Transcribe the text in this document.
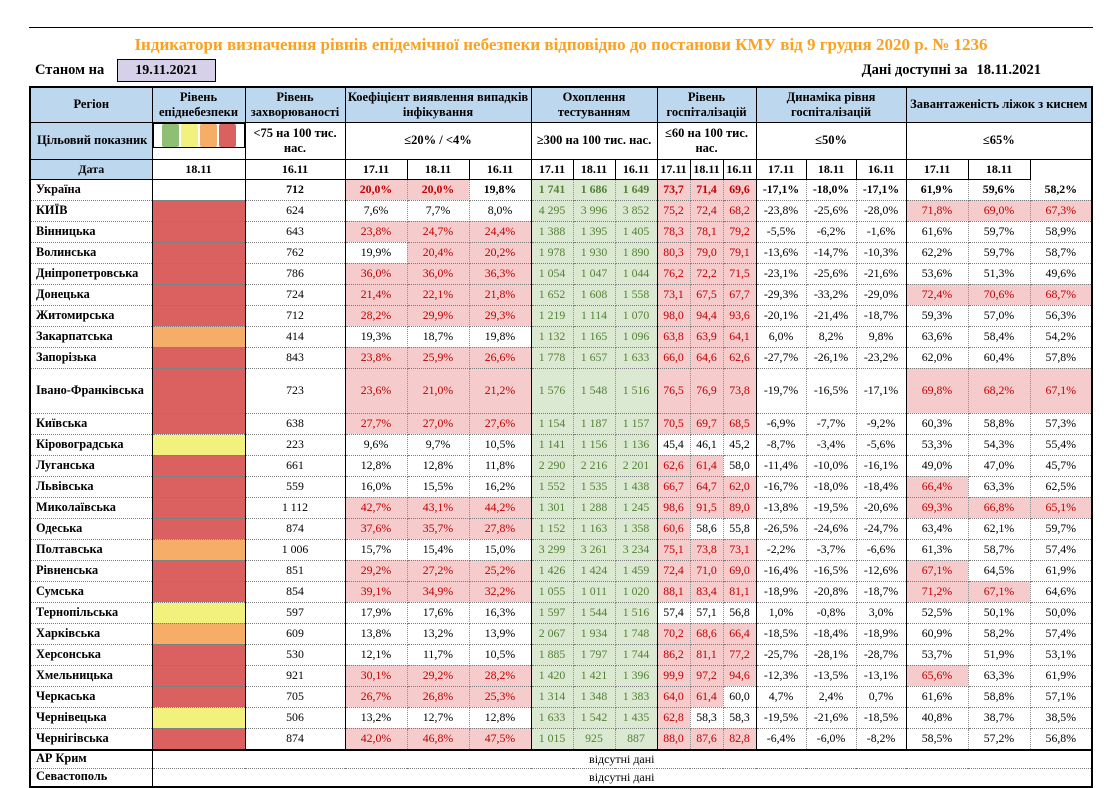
Індикатори визначення рівнів епідемічної небезпеки відповідно до постанови КМУ від 9 грудня 2020 р. № 1236
Станом на	19.11.2021	Дані доступні за 18.11.2021
Регіон	Рівень епіднебезпеки	Рівень захворюваності	Коефіцієнт виявлення випадків інфікування			Охоплення тестуванням			Рівень госпіталізацій			Динаміка рівня госпіталізацій			Завантаженість ліжок з киснем		
Цільовий показник	<75 на 100 тис. нас.	≤20% / <4%			≥300 на 100 тис. нас.			≤60 на 100 тис. нас.			≤50%			≤65%		
Дата	18.11	16.11	17.11	18.11	16.11	17.11	18.11	16.11	17.11	18.11	16.11	17.11	18.11	16.11	17.11	18.11	
Україна		712	20,0%	20,0%	19,8%	1 741	1 686	1 649	73,7	71,4	69,6	-17,1%	-18,0%	-17,1%	61,9%	59,6%	58,2%
КИЇВ		624	7,6%	7,7%	8,0%	4 295	3 996	3 852	75,2	72,4	68,2	-23,8%	-25,6%	-28,0%	71,8%	69,0%	67,3%
Вінницька		643	23,8%	24,7%	24,4%	1 388	1 395	1 405	78,3	78,1	79,2	-5,5%	-6,2%	-1,6%	61,6%	59,7%	58,9%
Волинська		762	19,9%	20,4%	20,2%	1 978	1 930	1 890	80,3	79,0	79,1	-13,6%	-14,7%	-10,3%	62,2%	59,7%	58,7%
Дніпропетровська		786	36,0%	36,0%	36,3%	1 054	1 047	1 044	76,2	72,2	71,5	-23,1%	-25,6%	-21,6%	53,6%	51,3%	49,6%
Донецька		724	21,4%	22,1%	21,8%	1 652	1 608	1 558	73,1	67,5	67,7	-29,3%	-33,2%	-29,0%	72,4%	70,6%	68,7%
Житомирська		712	28,2%	29,9%	29,3%	1 219	1 114	1 070	98,0	94,4	93,6	-20,1%	-21,4%	-18,7%	59,3%	57,0%	56,3%
Закарпатська		414	19,3%	18,7%	19,8%	1 132	1 165	1 096	63,8	63,9	64,1	6,0%	8,2%	9,8%	63,6%	58,4%	54,2%
Запорізька		843	23,8%	25,9%	26,6%	1 778	1 657	1 633	66,0	64,6	62,6	-27,7%	-26,1%	-23,2%	62,0%	60,4%	57,8%
Івано-Франківська		723	23,6%	21,0%	21,2%	1 576	1 548	1 516	76,5	76,9	73,8	-19,7%	-16,5%	-17,1%	69,8%	68,2%	67,1%
Київська		638	27,7%	27,0%	27,6%	1 154	1 187	1 157	70,5	69,7	68,5	-6,9%	-7,7%	-9,2%	60,3%	58,8%	57,3%
Кіровоградська		223	9,6%	9,7%	10,5%	1 141	1 156	1 136	45,4	46,1	45,2	-8,7%	-3,4%	-5,6%	53,3%	54,3%	55,4%
Луганська		661	12,8%	12,8%	11,8%	2 290	2 216	2 201	62,6	61,4	58,0	-11,4%	-10,0%	-16,1%	49,0%	47,0%	45,7%
Львівська		559	16,0%	15,5%	16,2%	1 552	1 535	1 438	66,7	64,7	62,0	-16,7%	-18,0%	-18,4%	66,4%	63,3%	62,5%
Миколаївська		1 112	42,7%	43,1%	44,2%	1 301	1 288	1 245	98,6	91,5	89,0	-13,8%	-19,5%	-20,6%	69,3%	66,8%	65,1%
Одеська		874	37,6%	35,7%	27,8%	1 152	1 163	1 358	60,6	58,6	55,8	-26,5%	-24,6%	-24,7%	63,4%	62,1%	59,7%
Полтавська		1 006	15,7%	15,4%	15,0%	3 299	3 261	3 234	75,1	73,8	73,1	-2,2%	-3,7%	-6,6%	61,3%	58,7%	57,4%
Рівненська		851	29,2%	27,2%	25,2%	1 426	1 424	1 459	72,4	71,0	69,0	-16,4%	-16,5%	-12,6%	67,1%	64,5%	61,9%
Сумська		854	39,1%	34,9%	32,2%	1 055	1 011	1 020	88,1	83,4	81,1	-18,9%	-20,8%	-18,7%	71,2%	67,1%	64,6%
Тернопільська		597	17,9%	17,6%	16,3%	1 597	1 544	1 516	57,4	57,1	56,8	1,0%	-0,8%	3,0%	52,5%	50,1%	50,0%
Харківська		609	13,8%	13,2%	13,9%	2 067	1 934	1 748	70,2	68,6	66,4	-18,5%	-18,4%	-18,9%	60,9%	58,2%	57,4%
Херсонська		530	12,1%	11,7%	10,5%	1 885	1 797	1 744	86,2	81,1	77,2	-25,7%	-28,1%	-28,7%	53,7%	51,9%	53,1%
Хмельницька		921	30,1%	29,2%	28,2%	1 420	1 421	1 396	99,9	97,2	94,6	-12,3%	-13,5%	-13,1%	65,6%	63,3%	61,9%
Черкаська		705	26,7%	26,8%	25,3%	1 314	1 348	1 383	64,0	61,4	60,0	4,7%	2,4%	0,7%	61,6%	58,8%	57,1%
Чернівецька		506	13,2%	12,7%	12,8%	1 633	1 542	1 435	62,8	58,3	58,3	-19,5%	-21,6%	-18,5%	40,8%	38,7%	38,5%
Чернігівська		874	42,0%	46,8%	47,5%	1 015	925	887	88,0	87,6	82,8	-6,4%	-6,0%	-8,2%	58,5%	57,2%	56,8%
АР Крим	відсутні дані																
Севастополь	відсутні дані																
